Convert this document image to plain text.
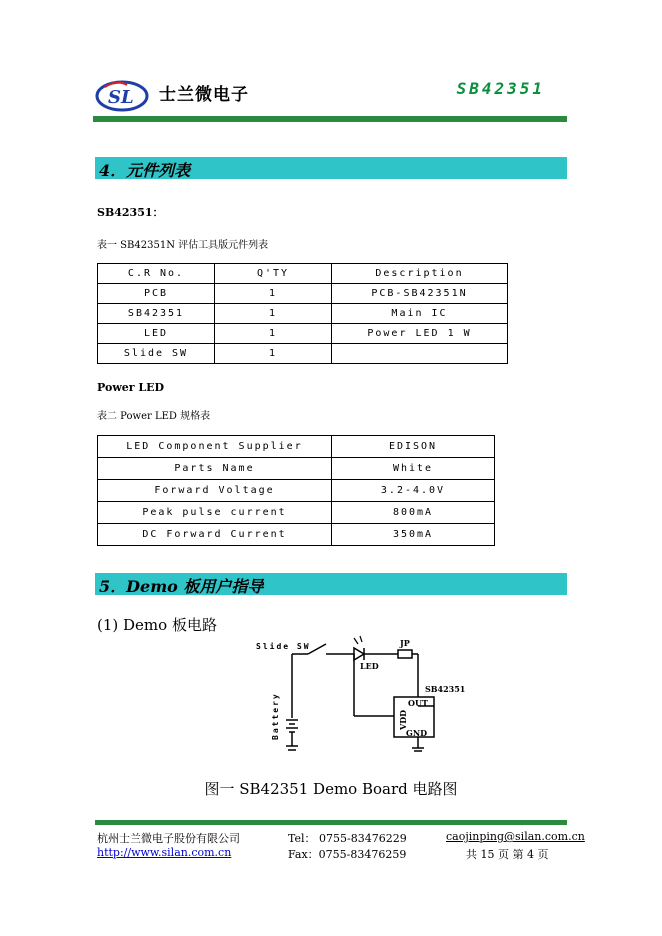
SL 士兰微电子	SB42351
4．元件列表
SB42351：
表一 SB42351N 评估工具版元件列表
C.R No.	Q'TY	Description
PCB	1	PCB-SB42351N
SB42351	1	Main IC
LED	1	Power LED 1 W
Slide SW	1	
Power LED
表二 Power LED 规格表
LED Component Supplier	EDISON
Parts Name	White
Forward Voltage	3.2-4.0V
Peak pulse current	800mA
DC Forward Current	350mA
5．Demo 板用户指导
(1) Demo 板电路
Slide SW
LED
JP
SB42351
Battery	VDD
OUT
GND
图一 SB42351 Demo Board 电路图
杭州士兰微电子股份有限公司
http://www.silan.com.cn
Tel： 0755-83476229
Fax：0755-83476259
caojinping@silan.com.cn
共 15 页 第 4 页
